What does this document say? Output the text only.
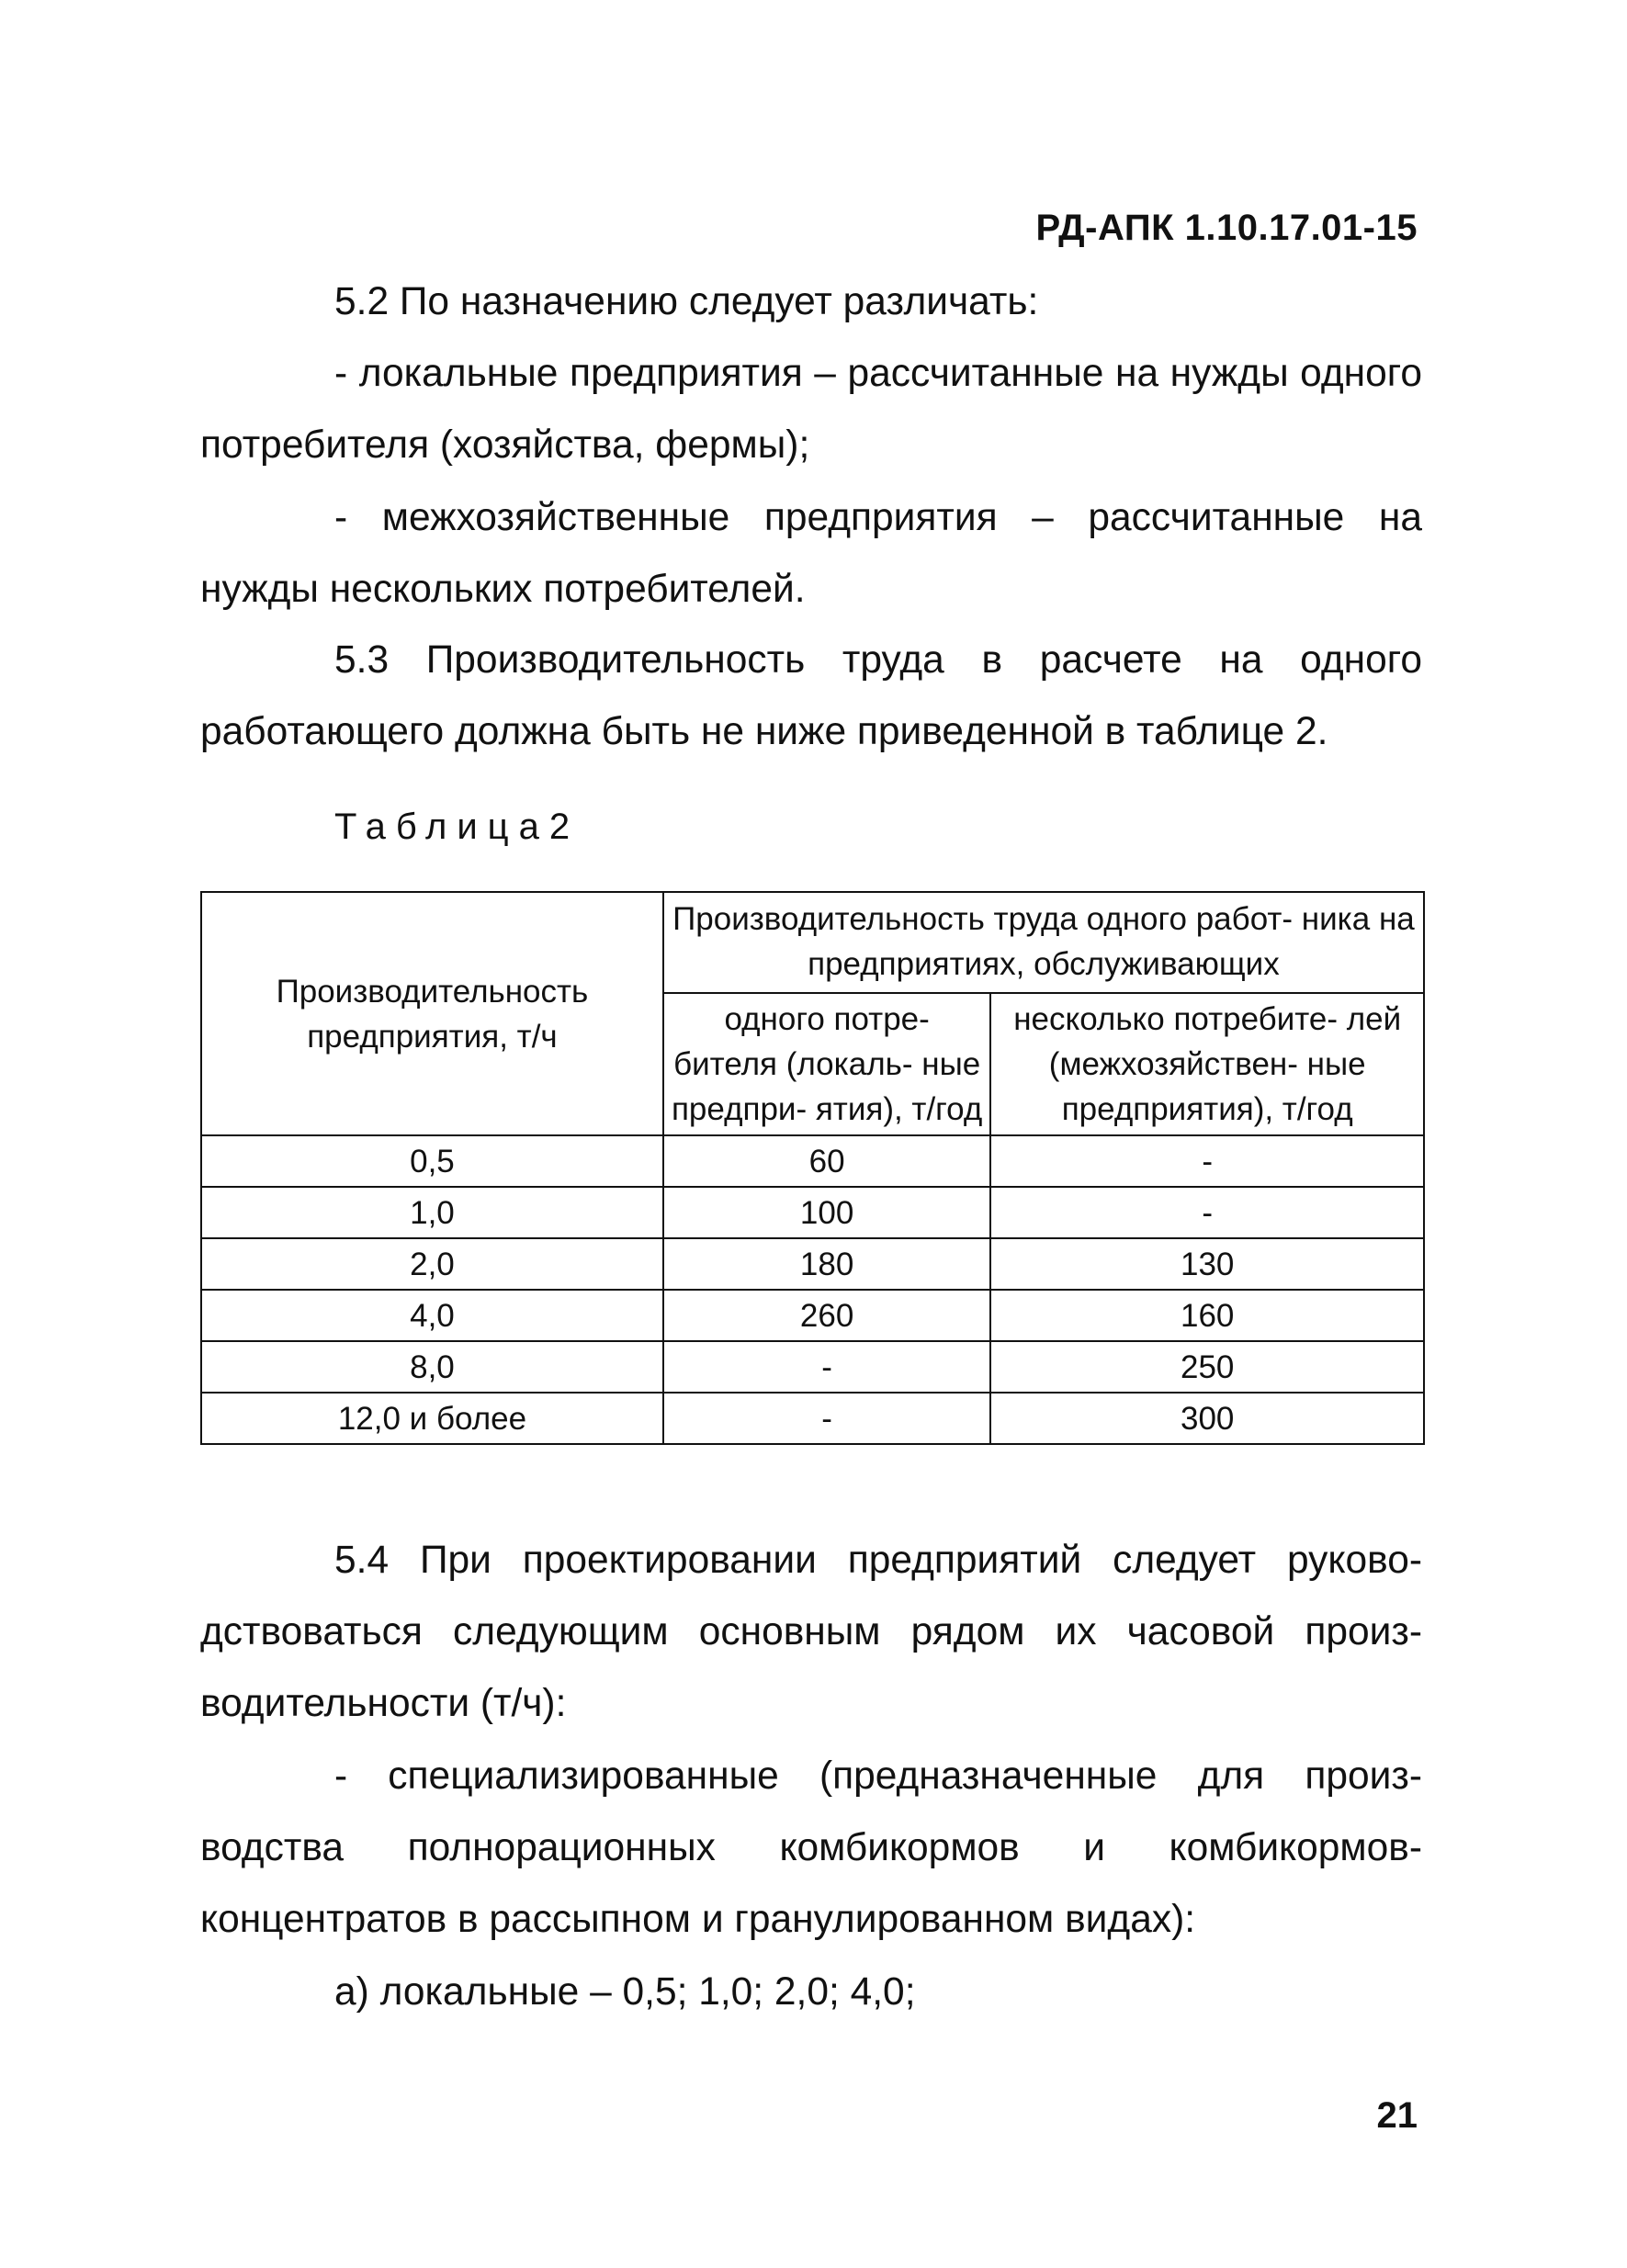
РД-АПК 1.10.17.01-15

5.2 По назначению следует различать:

- локальные предприятия – рассчитанные на нужды одного потребителя (хозяйства, фермы);

- межхозяйственные предприятия – рассчитанные на нужды нескольких потребителей.

5.3 Производительность труда в расчете на одного работающего должна быть не ниже приведенной в таблице 2.

Таблица2
Производительность предприятия, т/ч	Производительность труда одного работ- ника на предприятиях, обслуживающих	
	одного потре- бителя (локаль- ные предпри- ятия), т/год	несколько потребите- лей (межхозяйствен- ные предприятия), т/год
0,5	60	-
1,0	100	-
2,0	180	130
4,0	260	160
8,0	-	250
12,0 и более	-	300

5.4 При проектировании предприятий следует руково- дствоваться следующим основным рядом их часовой произ- водительности (т/ч):

- специализированные (предназначенные для произ- водства полнорационных комбикормов и комбикормов- концентратов в рассыпном и гранулированном видах):

а) локальные – 0,5; 1,0; 2,0; 4,0;

21
